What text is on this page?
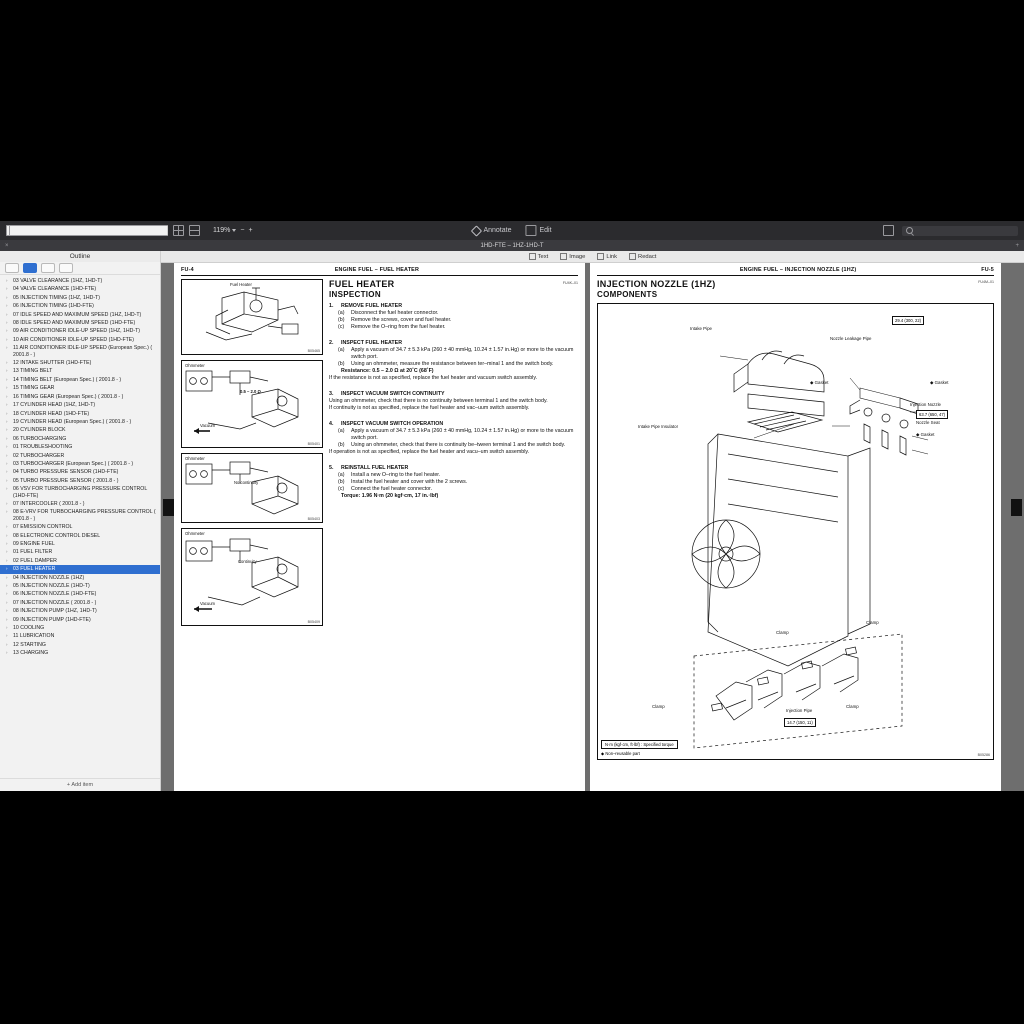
119% − +	Annotate	Edit
×	1HD-FTE – 1HZ-1HD-T	+
Outline
›	03 VALVE CLEARANCE (1HZ, 1HD-T)
›	04 VALVE CLEARANCE (1HD-FTE)
›	05 INJECTION TIMING (1HZ, 1HD-T)
›	06 INJECTION TIMING (1HD-FTE)
›	07 IDLE SPEED AND MAXIMUM SPEED (1HZ, 1HD-T)
›	08 IDLE SPEED AND MAXIMUM SPEED (1HD-FTE)
›	09 AIR CONDITIONER IDLE-UP SPEED (1HZ, 1HD-T)
›	10 AIR CONDITIONER IDLE-UP SPEED (1HD-FTE)
›	11 AIR CONDITIONER IDLE-UP SPEED (European Spec.) ( 2001.8 - )
›	12 INTAKE SHUTTER (1HD-FTE)
›	13 TIMING BELT
›	14 TIMING BELT (European Spec.) ( 2001.8 - )
›	15 TIMING GEAR
›	16 TIMING GEAR (European Spec.) ( 2001.8 - )
›	17 CYLINDER HEAD (1HZ, 1HD-T)
›	18 CYLINDER HEAD (1HD-FTE)
›	19 CYLINDER HEAD (European Spec.) ( 2001.8 - )
›	20 CYLINDER BLOCK
›	06 TURBOCHARGING
›	01 TROUBLESHOOTING
›	02 TURBOCHARGER
›	03 TURBOCHARGER (European Spec.) ( 2001.8 - )
›	04 TURBO PRESSURE SENSOR (1HD-FTE)
›	05 TURBO PRESSURE SENSOR ( 2001.8 - )
›	06 VSV FOR TURBOCHARGING PRESSURE CONTROL (1HD-FTE)
›	07 INTERCOOLER ( 2001.8 - )
›	08 E-VRV FOR TURBOCHARGING PRESSURE CONTROL ( 2001.8 - )
›	07 EMISSION CONTROL
›	08 ELECTRONIC CONTROL DIESEL
›	09 ENGINE FUEL
›	01 FUEL FILTER
›	02 FUEL DAMPER
›	03 FUEL HEATER
›	04 INJECTION NOZZLE (1HZ)
›	05 INJECTION NOZZLE (1HD-T)
›	06 INJECTION NOZZLE (1HD-FTE)
›	07 INJECTION NOZZLE ( 2001.8 - )
›	08 INJECTION PUMP (1HZ, 1HD-T)
›	09 INJECTION PUMP (1HD-FTE)
›	10 COOLING
›	11 LUBRICATION
›	12 STARTING
›	13 CHARGING
+ Add item
Text	Image	Link	Redact
FU-4	ENGINE FUEL – FUEL HEATER
Fuel Heater
B05465
Ohmmeter
0.5 – 2.0 Ω
Vacuum
B05401
Ohmmeter
No continuity
B05403
Ohmmeter
Continuity
Vacuum
B05409
FUEL HEATER
INSPECTION
FU4K–01
1.	REMOVE FUEL HEATER
(a)	Disconnect the fuel heater connector.
(b)	Remove the screws, cover and fuel heater.
(c)	Remove the O–ring from the fuel heater.
2.	INSPECT FUEL HEATER
(a)	Apply a vacuum of 34.7 ± 5.3 kPa (260 ± 40 mmHg, 10.24 ± 1.57 in.Hg) or more to the vacuum switch port.
(b)	Using an ohmmeter, measure the resistance between ter–minal 1 and the switch body.
Resistance: 0.5 – 2.0 Ω at 20˚C (68˚F)
If the resistance is not as specified, replace the fuel heater and vacuum switch assembly.
3.	INSPECT VACUUM SWITCH CONTINUITY
Using an ohmmeter, check that there is no continuity between terminal 1 and the switch body.
If continuity is not as specified, replace the fuel heater and vac–uum switch assembly.
4.	INSPECT VACUUM SWITCH OPERATION
(a)	Apply a vacuum of 34.7 ± 5.3 kPa (260 ± 40 mmHg, 10.24 ± 1.57 in.Hg) or more to the vacuum switch port.
(b)	Using an ohmmeter, check that there is continuity be–tween terminal 1 and the switch body.
If operation is not as specified, replace the fuel heater and vacu–um switch assembly.
5.	REINSTALL FUEL HEATER
(a)	Install a new O–ring to the fuel heater.
(b)	Instal the fuel heater and cover with the 2 screws.
(c)	Connect the fuel heater connector.
Torque: 1.96 N·m (20 kgf·cm, 17 in.·lbf)
ENGINE FUEL – INJECTION NOZZLE (1HZ)	FU-5
INJECTION NOZZLE (1HZ)
COMPONENTS
FU4M–01
Intake Pipe
Nozzle Leakage Pipe
Intake Pipe Insulator
◆ Gasket	◆ Gasket
Injection Nozzle
Nozzle Seat
◆ Gasket
Clamp
Clamp
Clamp	Clamp
Injection Pipe
29.4 (300, 22)
63.7 (650, 47)
14.7 (150, 11)
N·m (kgf·cm, ft·lbf) : Specified torque
◆ Non–reusable part	B05286
